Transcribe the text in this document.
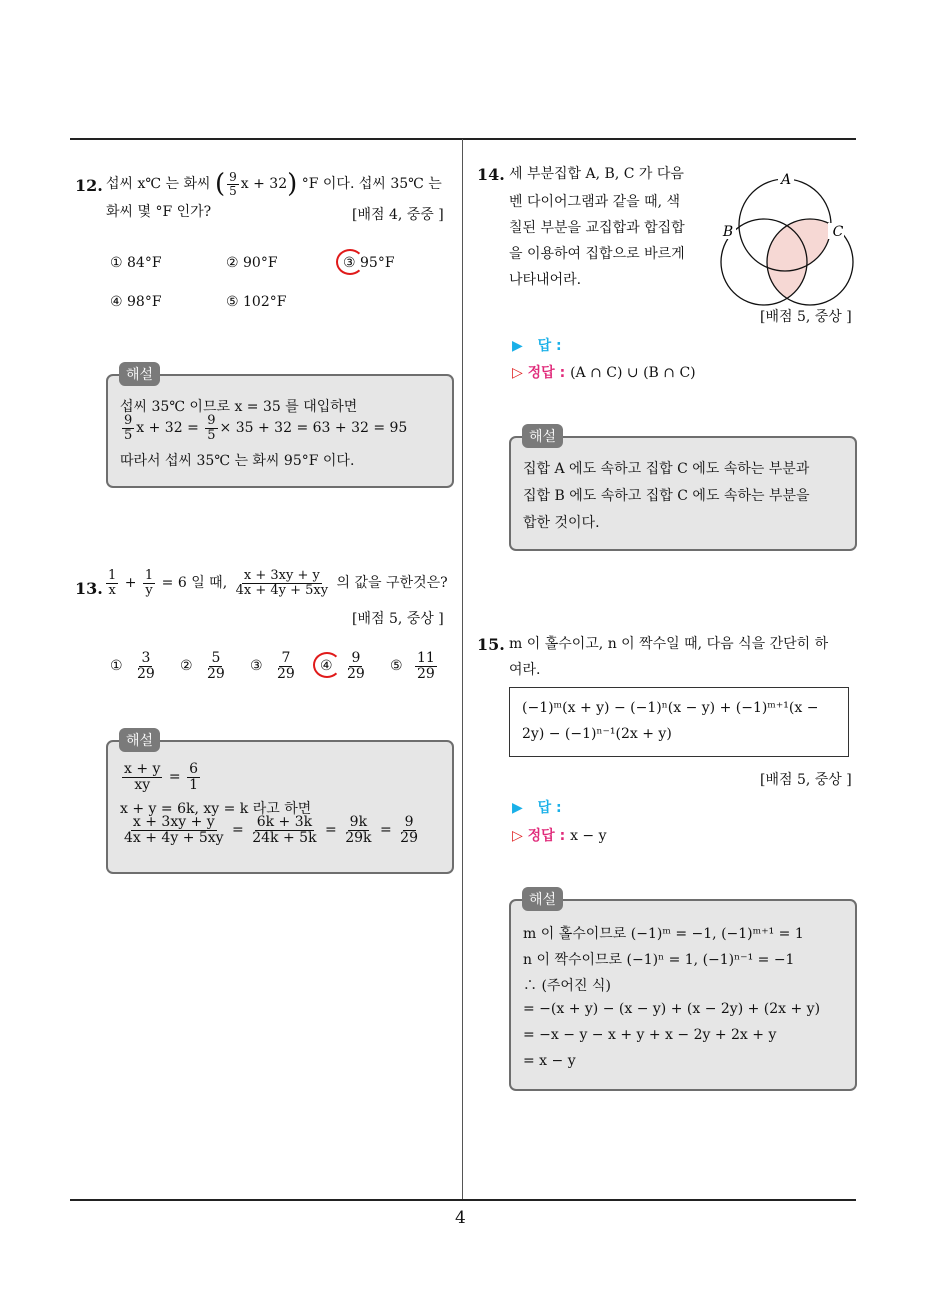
4
12. 섭씨 x℃ 는 화씨 ( $\frac{9}{5}$ x + 32) °F 이다. 섭씨 35℃ 는
화씨 몇 °F 인가?	[배점 4, 중중 ]
① 84°F	② 90°F	③ 95°F
④ 98°F	⑤ 102°F
섭씨 35℃ 이므로 x = 35 를 대입하면
$\frac{9}{5}$ $x + 32 = \frac{9}{5} \times 35 + 32 = 63 + 32 = 95$
따라서 섭씨 35℃ 는 화씨 95°F 이다.
해설
13. $\frac{1}{x} + \frac{1}{y} = 6$ 일 때, $\frac{x + 3xy + y}{4x + 4y + 5xy}$ 의 값을 구한것은?
[배점 5, 중상 ]
① $\frac{3}{29}$ ② $\frac{5}{29}$ ③ $\frac{7}{29}$ ④ $\frac{9}{29}$ ⑤ $\frac{11}{29}$
$\frac{x + y}{xy} = \frac{6}{1}$
x + y = 6k, xy = k 라고 하면
$\frac{x + 3xy + y}{4x + 4y + 5xy} = \frac{6k + 3k}{24k + 5k} = \frac{9k}{29k} = \frac{9}{29}$
해설
14. 세 부분집합 A, B, C 가 다음
벤 다이어그램과 같을 때, 색
칠된 부분을 교집합과 합집합
을 이용하여 집합으로 바르게
나타내어라.
A
B	C
[배점 5, 중상 ]
▶ 답 :
▷ 정답 : (A ∩ C) ∪ (B ∩ C)
집합 A 에도 속하고 집합 C 에도 속하는 부분과
집합 B 에도 속하고 집합 C 에도 속하는 부분을
합한 것이다.
해설
15. m 이 홀수이고, n 이 짝수일 때, 다음 식을 간단히 하
여라.
(−1)ᵐ(x + y) − (−1)ⁿ(x − y) + (−1)ᵐ⁺¹(x −
2y) − (−1)ⁿ⁻¹(2x + y)
[배점 5, 중상 ]
▶ 답 :
▷ 정답 : x − y
m 이 홀수이므로 (−1)ᵐ = −1, (−1)ᵐ⁺¹ = 1
n 이 짝수이므로 (−1)ⁿ = 1, (−1)ⁿ⁻¹ = −1
∴ (주어진 식)
= −(x + y) − (x − y) + (x − 2y) + (2x + y)
= −x − y − x + y + x − 2y + 2x + y
= x − y
해설
